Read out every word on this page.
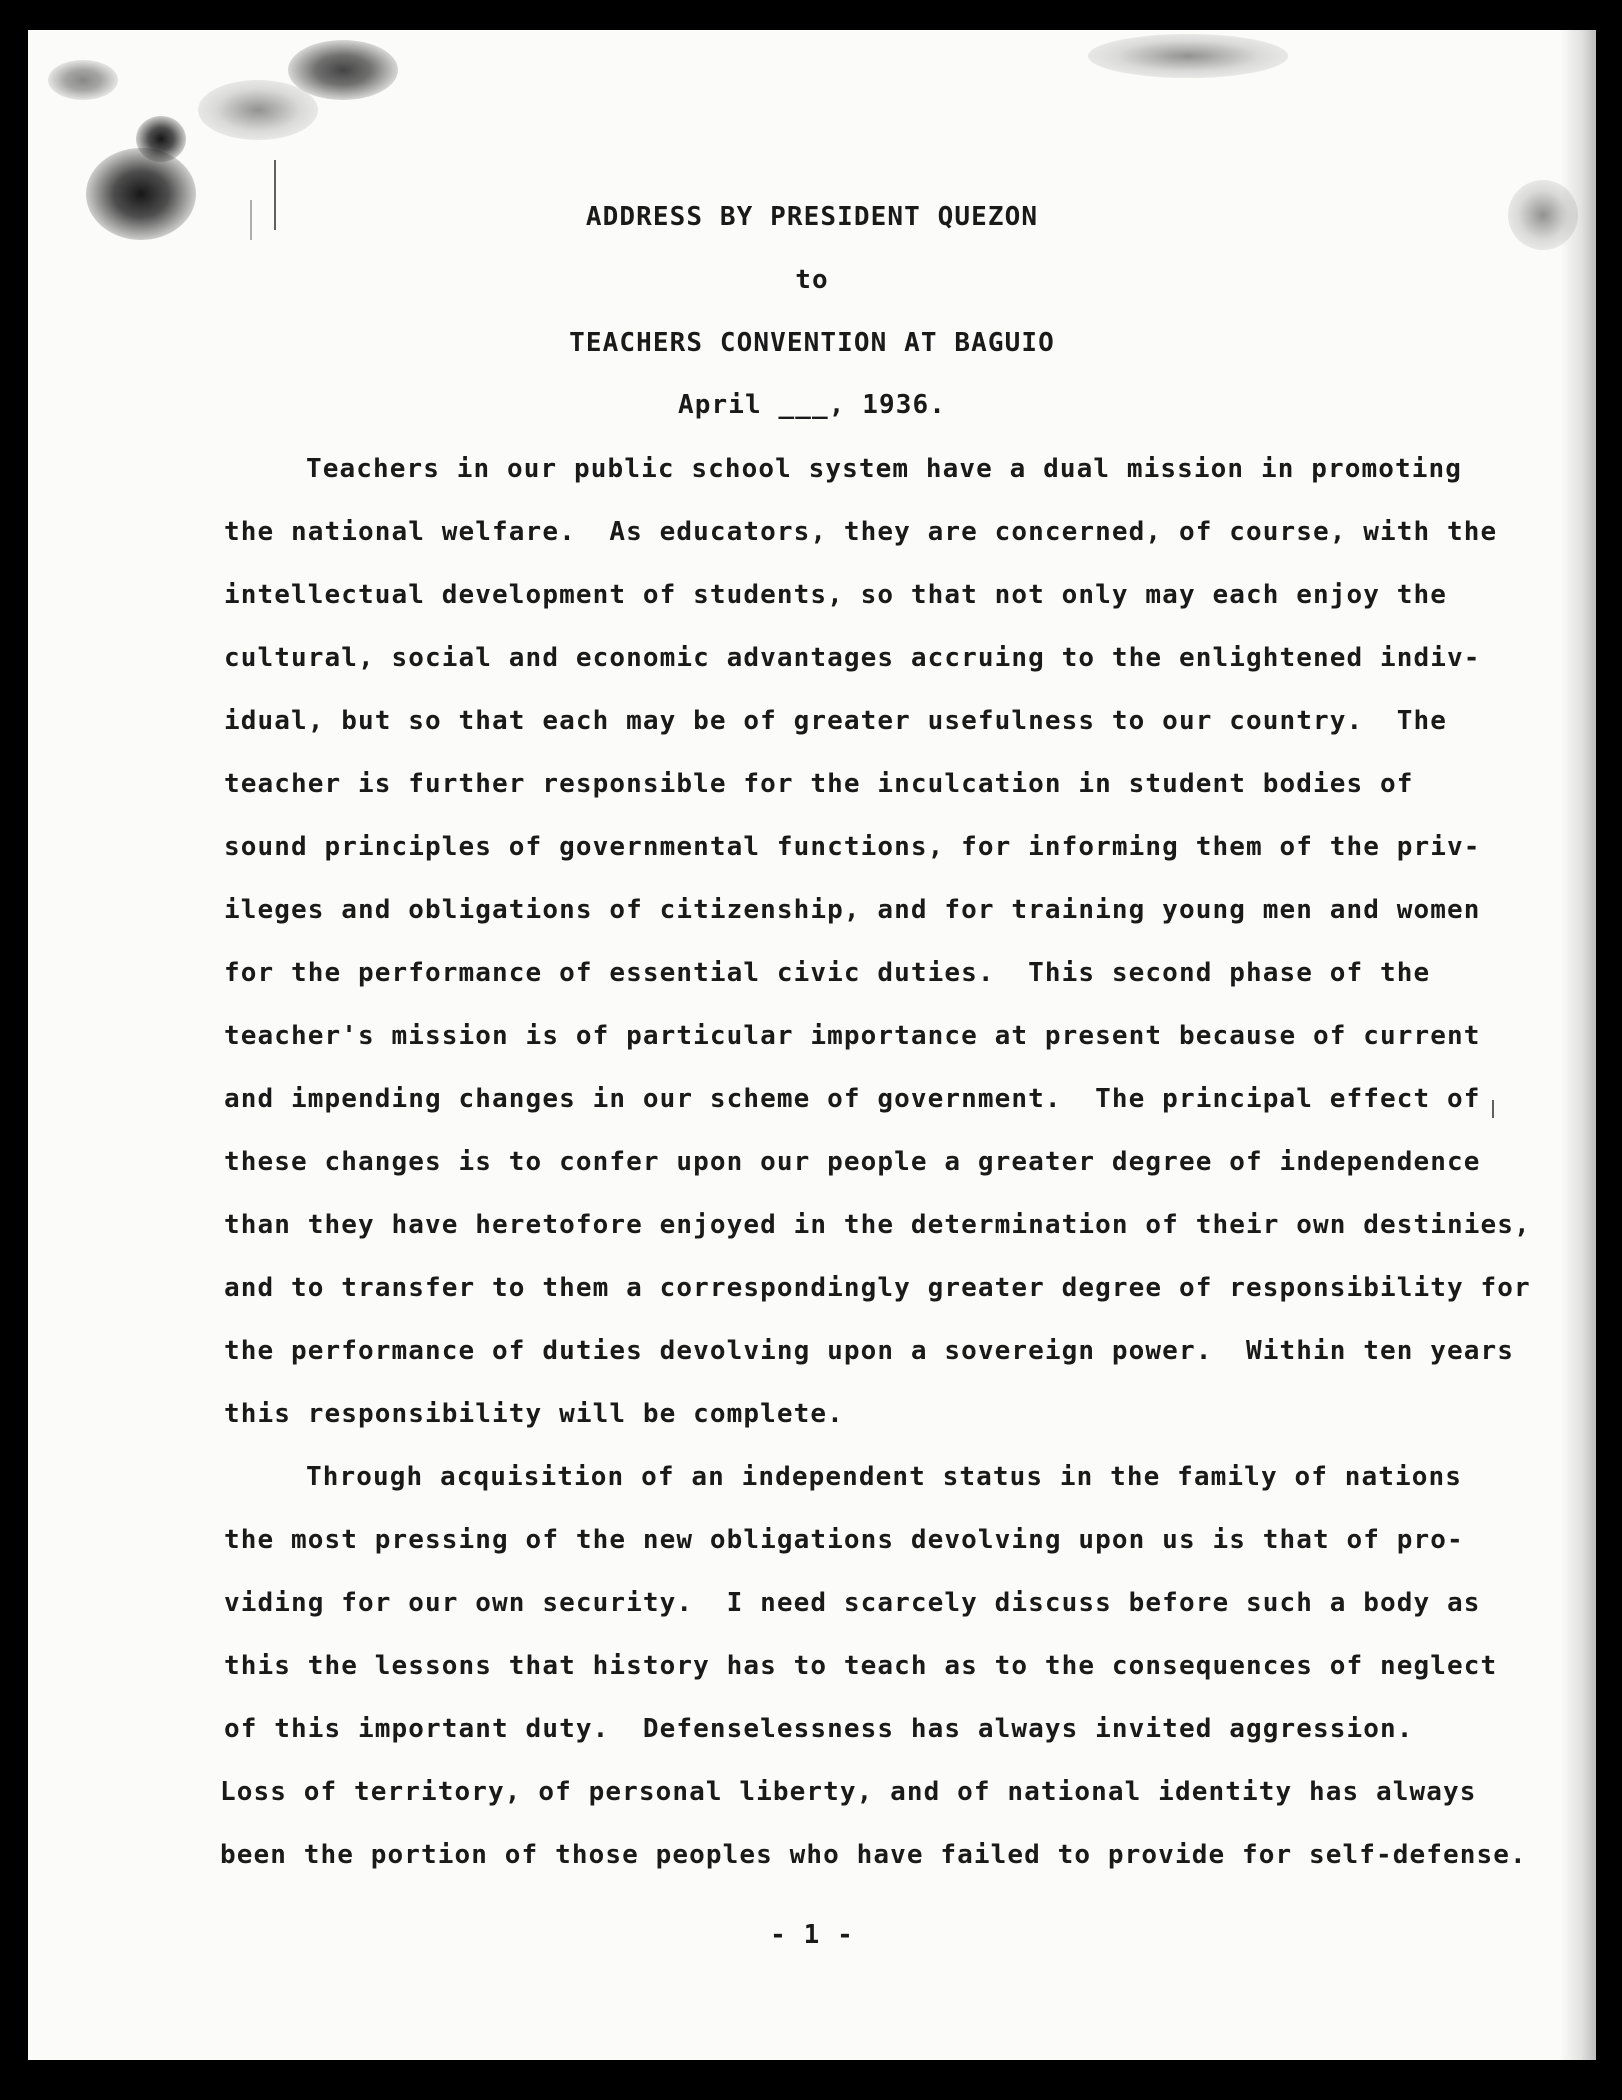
ADDRESS BY PRESIDENT QUEZON
to
TEACHERS CONVENTION AT BAGUIO
April ___, 1936.
Teachers in our public school system have a dual mission in promoting
the national welfare.  As educators, they are concerned, of course, with the
intellectual development of students, so that not only may each enjoy the
cultural, social and economic advantages accruing to the enlightened indiv-
idual, but so that each may be of greater usefulness to our country.  The
teacher is further responsible for the inculcation in student bodies of
sound principles of governmental functions, for informing them of the priv-
ileges and obligations of citizenship, and for training young men and women
for the performance of essential civic duties.  This second phase of the
teacher's mission is of particular importance at present because of current
and impending changes in our scheme of government.  The principal effect of
these changes is to confer upon our people a greater degree of independence
than they have heretofore enjoyed in the determination of their own destinies,
and to transfer to them a correspondingly greater degree of responsibility for
the performance of duties devolving upon a sovereign power.  Within ten years
this responsibility will be complete.
Through acquisition of an independent status in the family of nations
the most pressing of the new obligations devolving upon us is that of pro-
viding for our own security.  I need scarcely discuss before such a body as
this the lessons that history has to teach as to the consequences of neglect
of this important duty.  Defenselessness has always invited aggression.
Loss of territory, of personal liberty, and of national identity has always
been the portion of those peoples who have failed to provide for self-defense.
- 1 -
